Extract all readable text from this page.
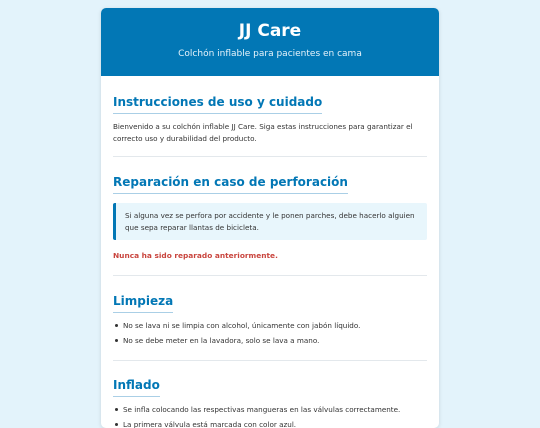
JJ Care
Colchón inflable para pacientes en cama
Instrucciones de uso y cuidado

Bienvenido a su colchón inflable JJ Care. Siga estas instrucciones para garantizar el correcto uso y durabilidad del producto.

Reparación en caso de perforación
Si alguna vez se perfora por accidente y le ponen parches, debe hacerlo alguien que sepa reparar llantas de bicicleta.
Nunca ha sido reparado anteriormente.
Limpieza
No se lava ni se limpia con alcohol, únicamente con jabón líquido.
No se debe meter en la lavadora, solo se lava a mano.
Inflado
Se infla colocando las respectivas mangueras en las válvulas correctamente.
La primera válvula está marcada con color azul.
